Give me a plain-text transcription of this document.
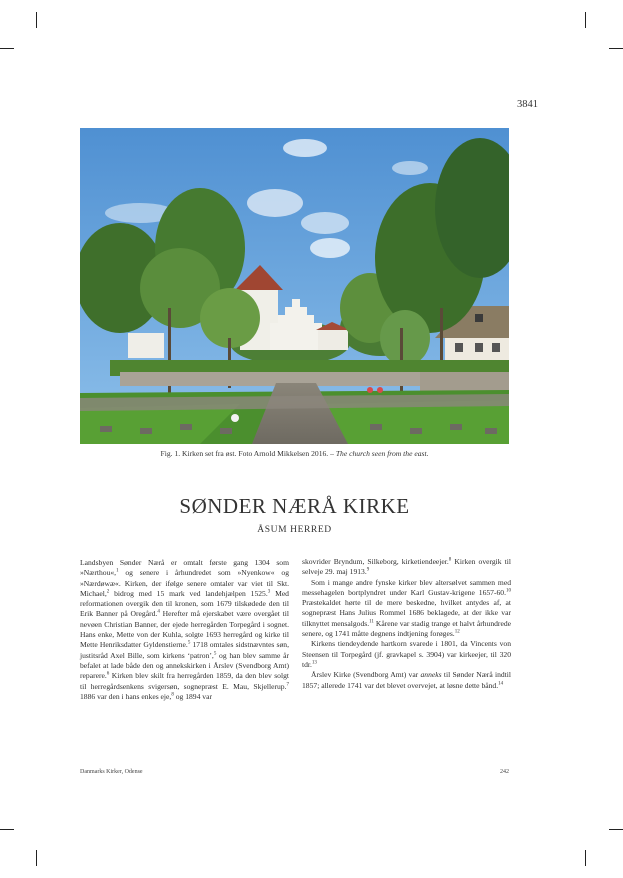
3841
Fig. 1. Kirken set fra øst. Foto Arnold Mikkelsen 2016. – The church seen from the east.
SØNDER NÆRÅ KIRKE
ÅSUM HERRED

Landsbyen Sønder Nærå er omtalt første gang 1304 som »Nærthou«,$^1$ og senere i århundredet som »Nyenkow« og »Nærdøwæ«. Kirken, der ifølge senere omtaler var viet til Skt. Michael,$^2$ bidrog med 15 mark ved landehjælpen 1525.$^3$ Med reformationen overgik den til kronen, som 1679 tilskødede den til Erik Banner på Oregård.$^4$ Herefter må ejerskabet være overgået til nevøen Christian Banner, der ejede herregården Torpegård i sognet. Hans enke, Mette von der Kuhla, solgte 1693 herregård og kirke til Mette Henriksdatter Gyldenstierne.$^5$ 1718 omtales sidstnævntes søn, justitsråd Axel Bille, som kirkens ‘patron’,$^5$ og han blev samme år befalet at lade både den og annekskirken i Årslev (Svendborg Amt) reparere.$^6$ Kirken blev skilt fra herregården 1859, da den blev solgt til herregårdsenkens svigersøn, sognepræst E. Mau, Skjellerup.$^7$ 1886 var den i hans enkes eje,$^8$ og 1894 var

skovrider Bryndum, Silkeborg, kirketiendeejer.$^8$ Kirken overgik til selveje 29. maj 1913.$^9$

Som i mange andre fynske kirker blev altersølvet sammen med messehagelen bortplyndret under Karl Gustav-krigene 1657-60.10 Præstekaldet hørte til de mere beskedne, hvilket antydes af, at sognepræst Hans Julius Rommel 1686 beklagede, at der ikke var tilknyttet mensalgods.$^{11}$ Kårene var stadig trange et halvt århundrede senere, og 1741 måtte degnens indtjening forøges.$^{12}$

Kirkens tiendeydende hartkorn svarede i 1801, da Vincents von Steensen til Torpegård (jf. gravkapel s. 3904) var kirkeejer, til 320 tdr.$^{13}$

Årslev Kirke (Svendborg Amt) var anneks til Sønder Nærå indtil 1857; allerede 1741 var det blevet overvejet, at løsne dette bånd.$^{14}$

Danmarks Kirker, Odense	242
